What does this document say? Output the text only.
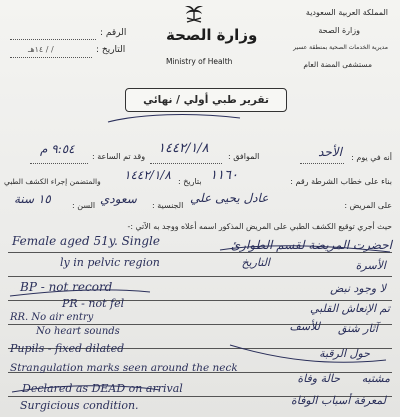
المملكة العربية السعودية
وزارة الصحة
مديرية الخدمات الصحية بمنطقة عسير
مستشفى المضة العام
وزارة الصحة
Ministry of Health
الرقم :
التاريخ :
/ / ١٤هـ
تقرير طبي أولي / نهائي
أنه في يوم :
الأحد
الموافق :
١٤٤٢/١/٨
وقد تم الساعة :
٩:٥٤ م
بناء على خطاب الشرطة رقم :
١١٦٠
بتاريخ :
١٤٤٢/١/٨
والمتضمن إجراء الكشف الطبي
على المريض :
عادل يحيى علي
الجنسية :
سعودي
السن :
١٥ سنة
حيث أجري توقيع الكشف الطبي على المريض المذكور اسمه أعلاه ووجد به الآتي :-
Female aged 51y. Single
ly in pelvic region
BP - not record
PR - not fel
RR. No air entry
No heart sounds
Pupils - fixed dilated
Strangulation marks seen around the neck
Declared as DEAD on arrival
Surgicious condition.
احضرت المريضة لقسم الطوارئ
التاريخ	الأسرة
لا وجود نبض
تم الإنعاش القلبي
للأسف آثار شنق
حول الرقبة
حالة وفاة مشتبه
لمعرفة أسباب الوفاة
